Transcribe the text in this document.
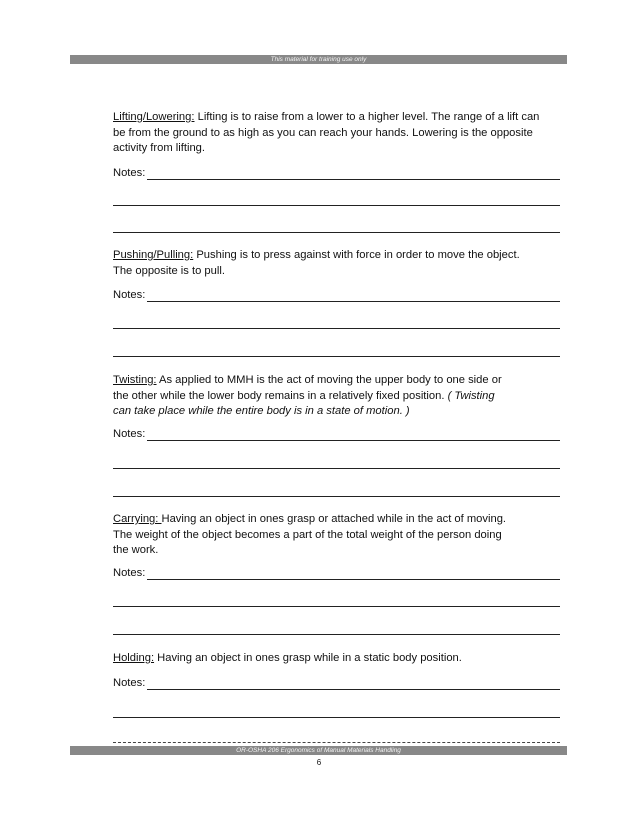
This material for training use only
Lifting/Lowering: Lifting is to raise from a lower to a higher level. The range of a lift can
be from the ground to as high as you can reach your hands. Lowering is the opposite
activity from lifting.
Notes:
Pushing/Pulling: Pushing is to press against with force in order to move the object.
The opposite is to pull.
Notes:
Twisting: As applied to MMH is the act of moving the upper body to one side or
the other while the lower body remains in a relatively fixed position. ( Twisting
can take place while the entire body is in a state of motion. )
Notes:
Carrying: Having an object in ones grasp or attached while in the act of moving.
The weight of the object becomes a part of the total weight of the person doing
the work.
Notes:
Holding: Having an object in ones grasp while in a static body position.
Notes:
OR-OSHA 206 Ergonomics of Manual Materials Handling
6
